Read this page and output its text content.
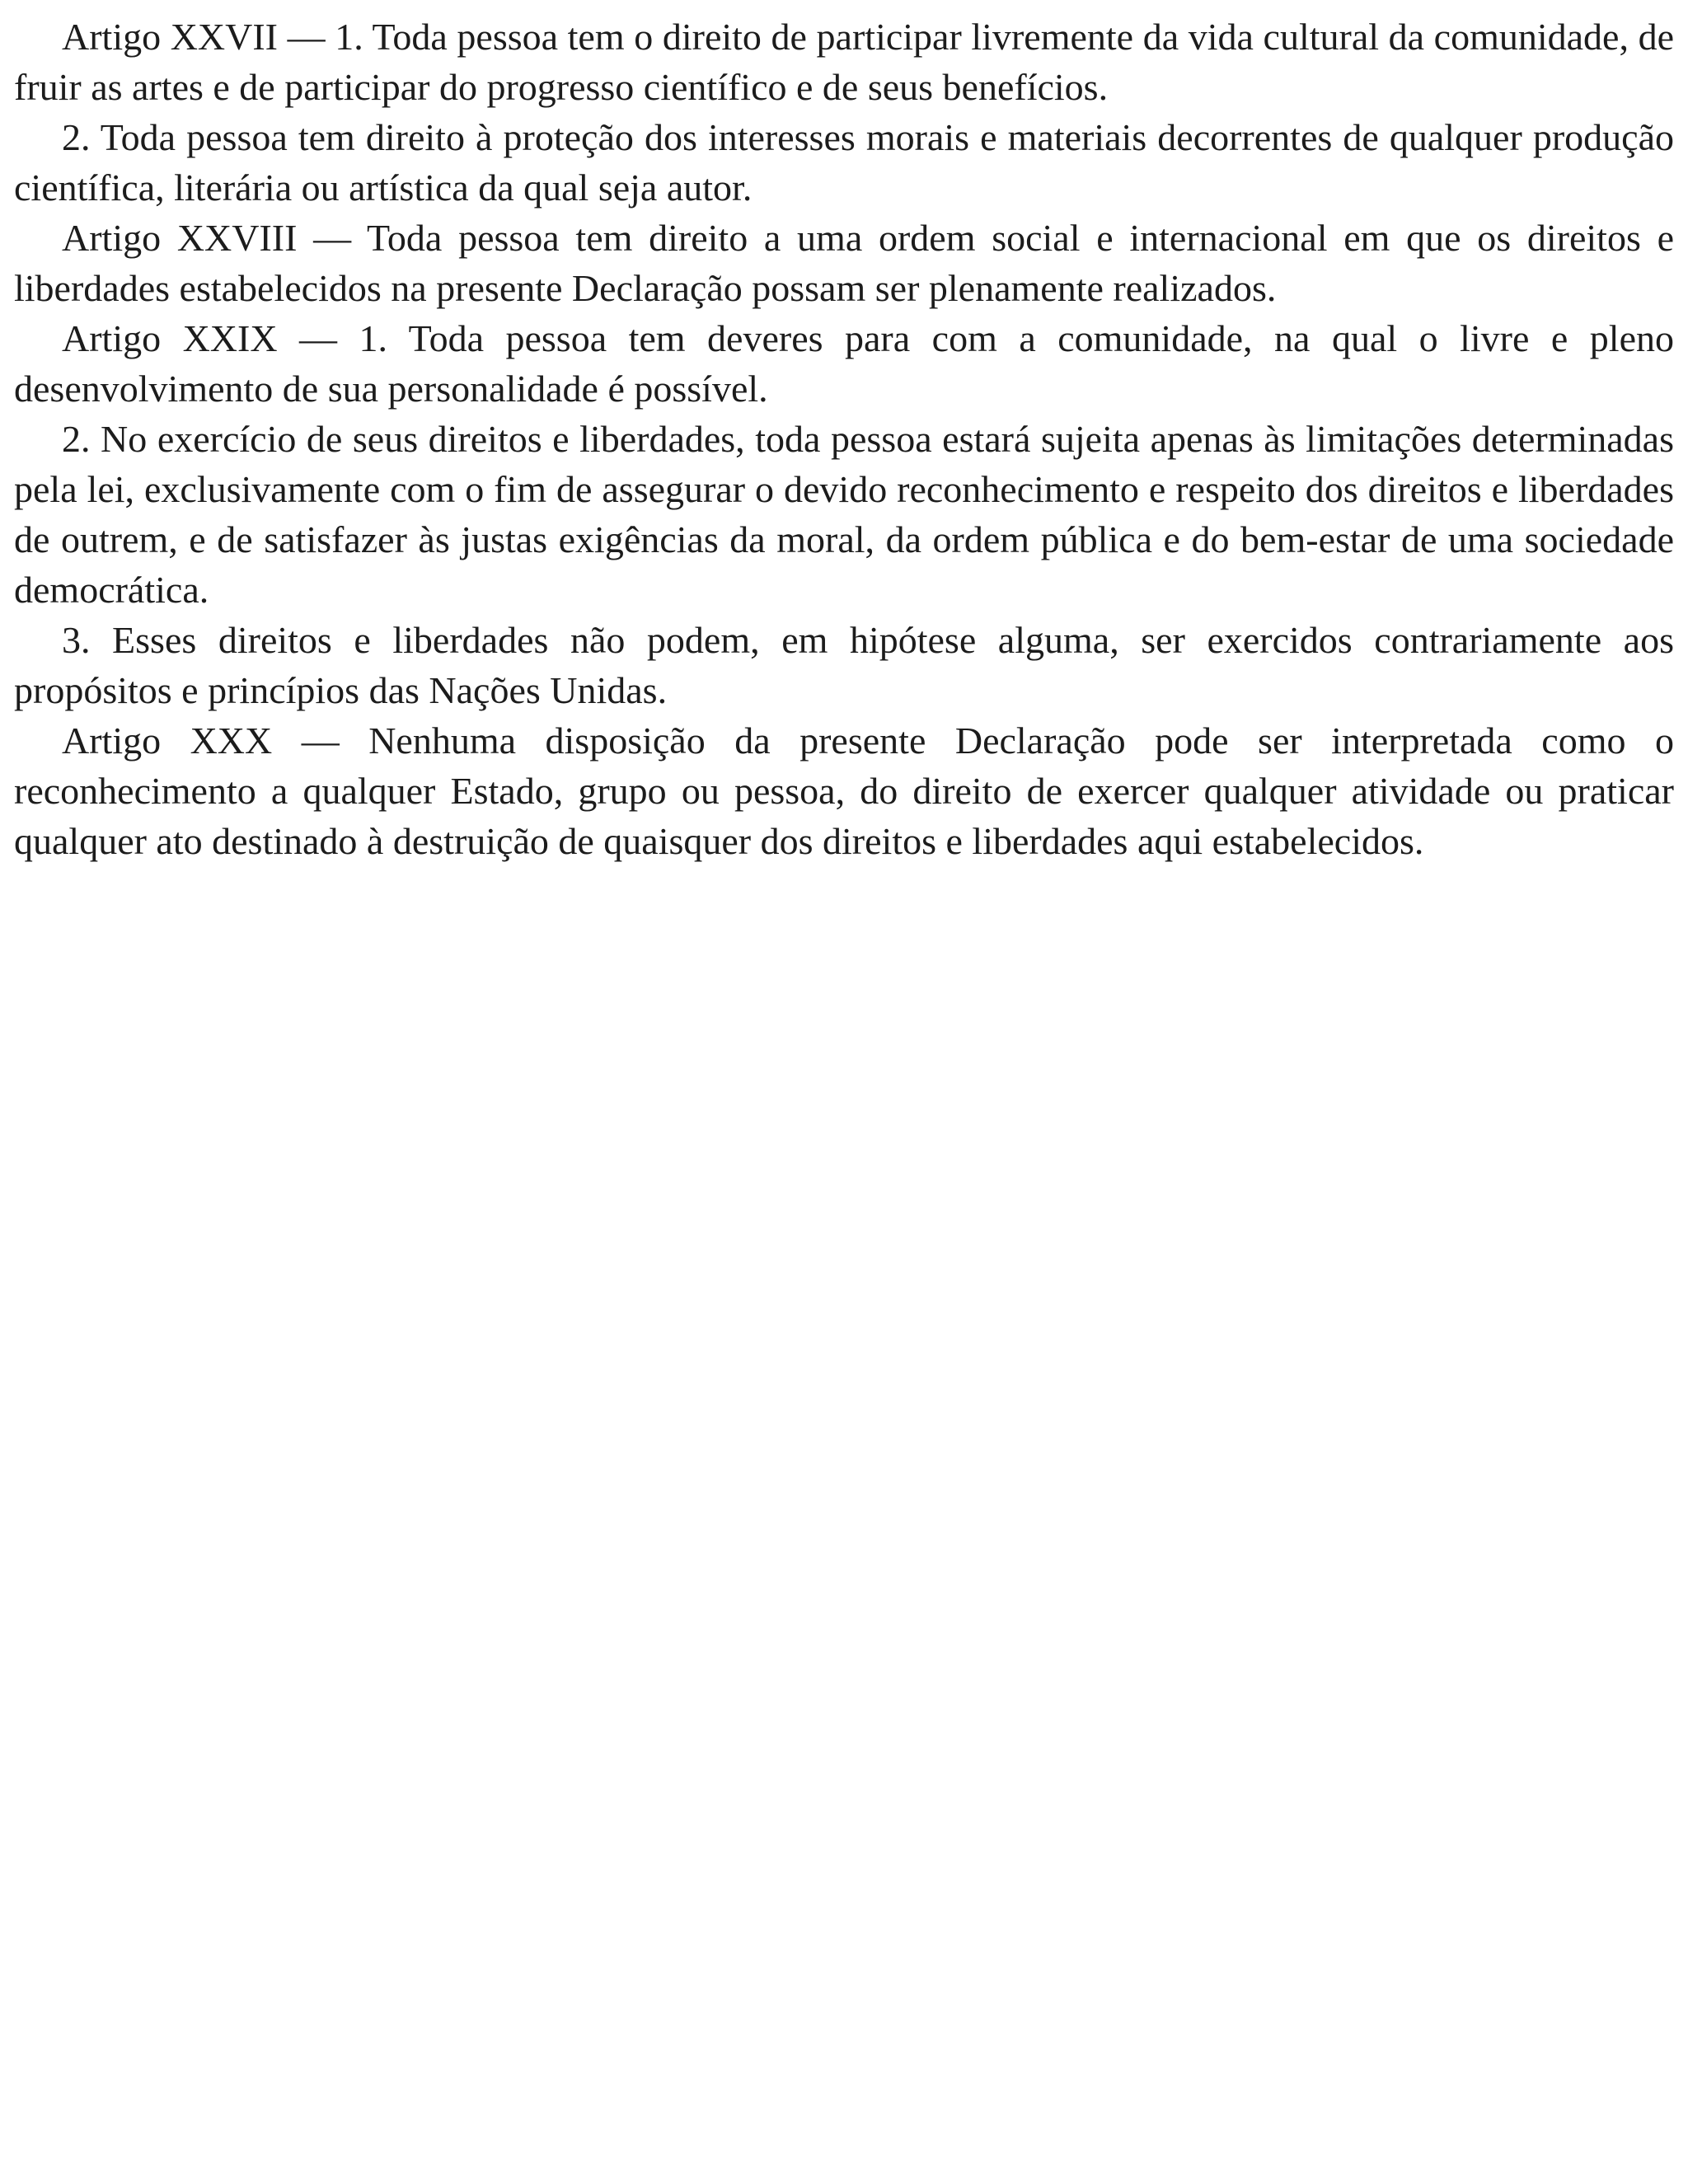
Artigo XXVII — 1. Toda pessoa tem o direito de participar livremente da vida cultural da comunidade, de fruir as artes e de participar do progresso científico e de seus benefícios.

2. Toda pessoa tem direito à proteção dos interesses morais e materiais decorrentes de qualquer produção científica, literária ou artística da qual seja autor.

Artigo XXVIII — Toda pessoa tem direito a uma ordem social e internacional em que os direitos e liberdades estabelecidos na presente Declaração possam ser plenamente realizados.

Artigo XXIX — 1. Toda pessoa tem deveres para com a comunidade, na qual o livre e pleno desenvolvimento de sua personalidade é possível.

2. No exercício de seus direitos e liberdades, toda pessoa estará sujeita apenas às limitações determinadas pela lei, exclusivamente com o fim de assegurar o devido reconhecimento e respeito dos direitos e liberdades de outrem, e de satisfazer às justas exigências da moral, da ordem pública e do bem-estar de uma sociedade democrática.

3. Esses direitos e liberdades não podem, em hipótese alguma, ser exercidos contrariamente aos propósitos e princípios das Nações Unidas.

Artigo XXX — Nenhuma disposição da presente Declaração pode ser interpretada como o reconhecimento a qualquer Estado, grupo ou pessoa, do direito de exercer qualquer atividade ou praticar qualquer ato destinado à destruição de quaisquer dos direitos e liberdades aqui estabelecidos.
